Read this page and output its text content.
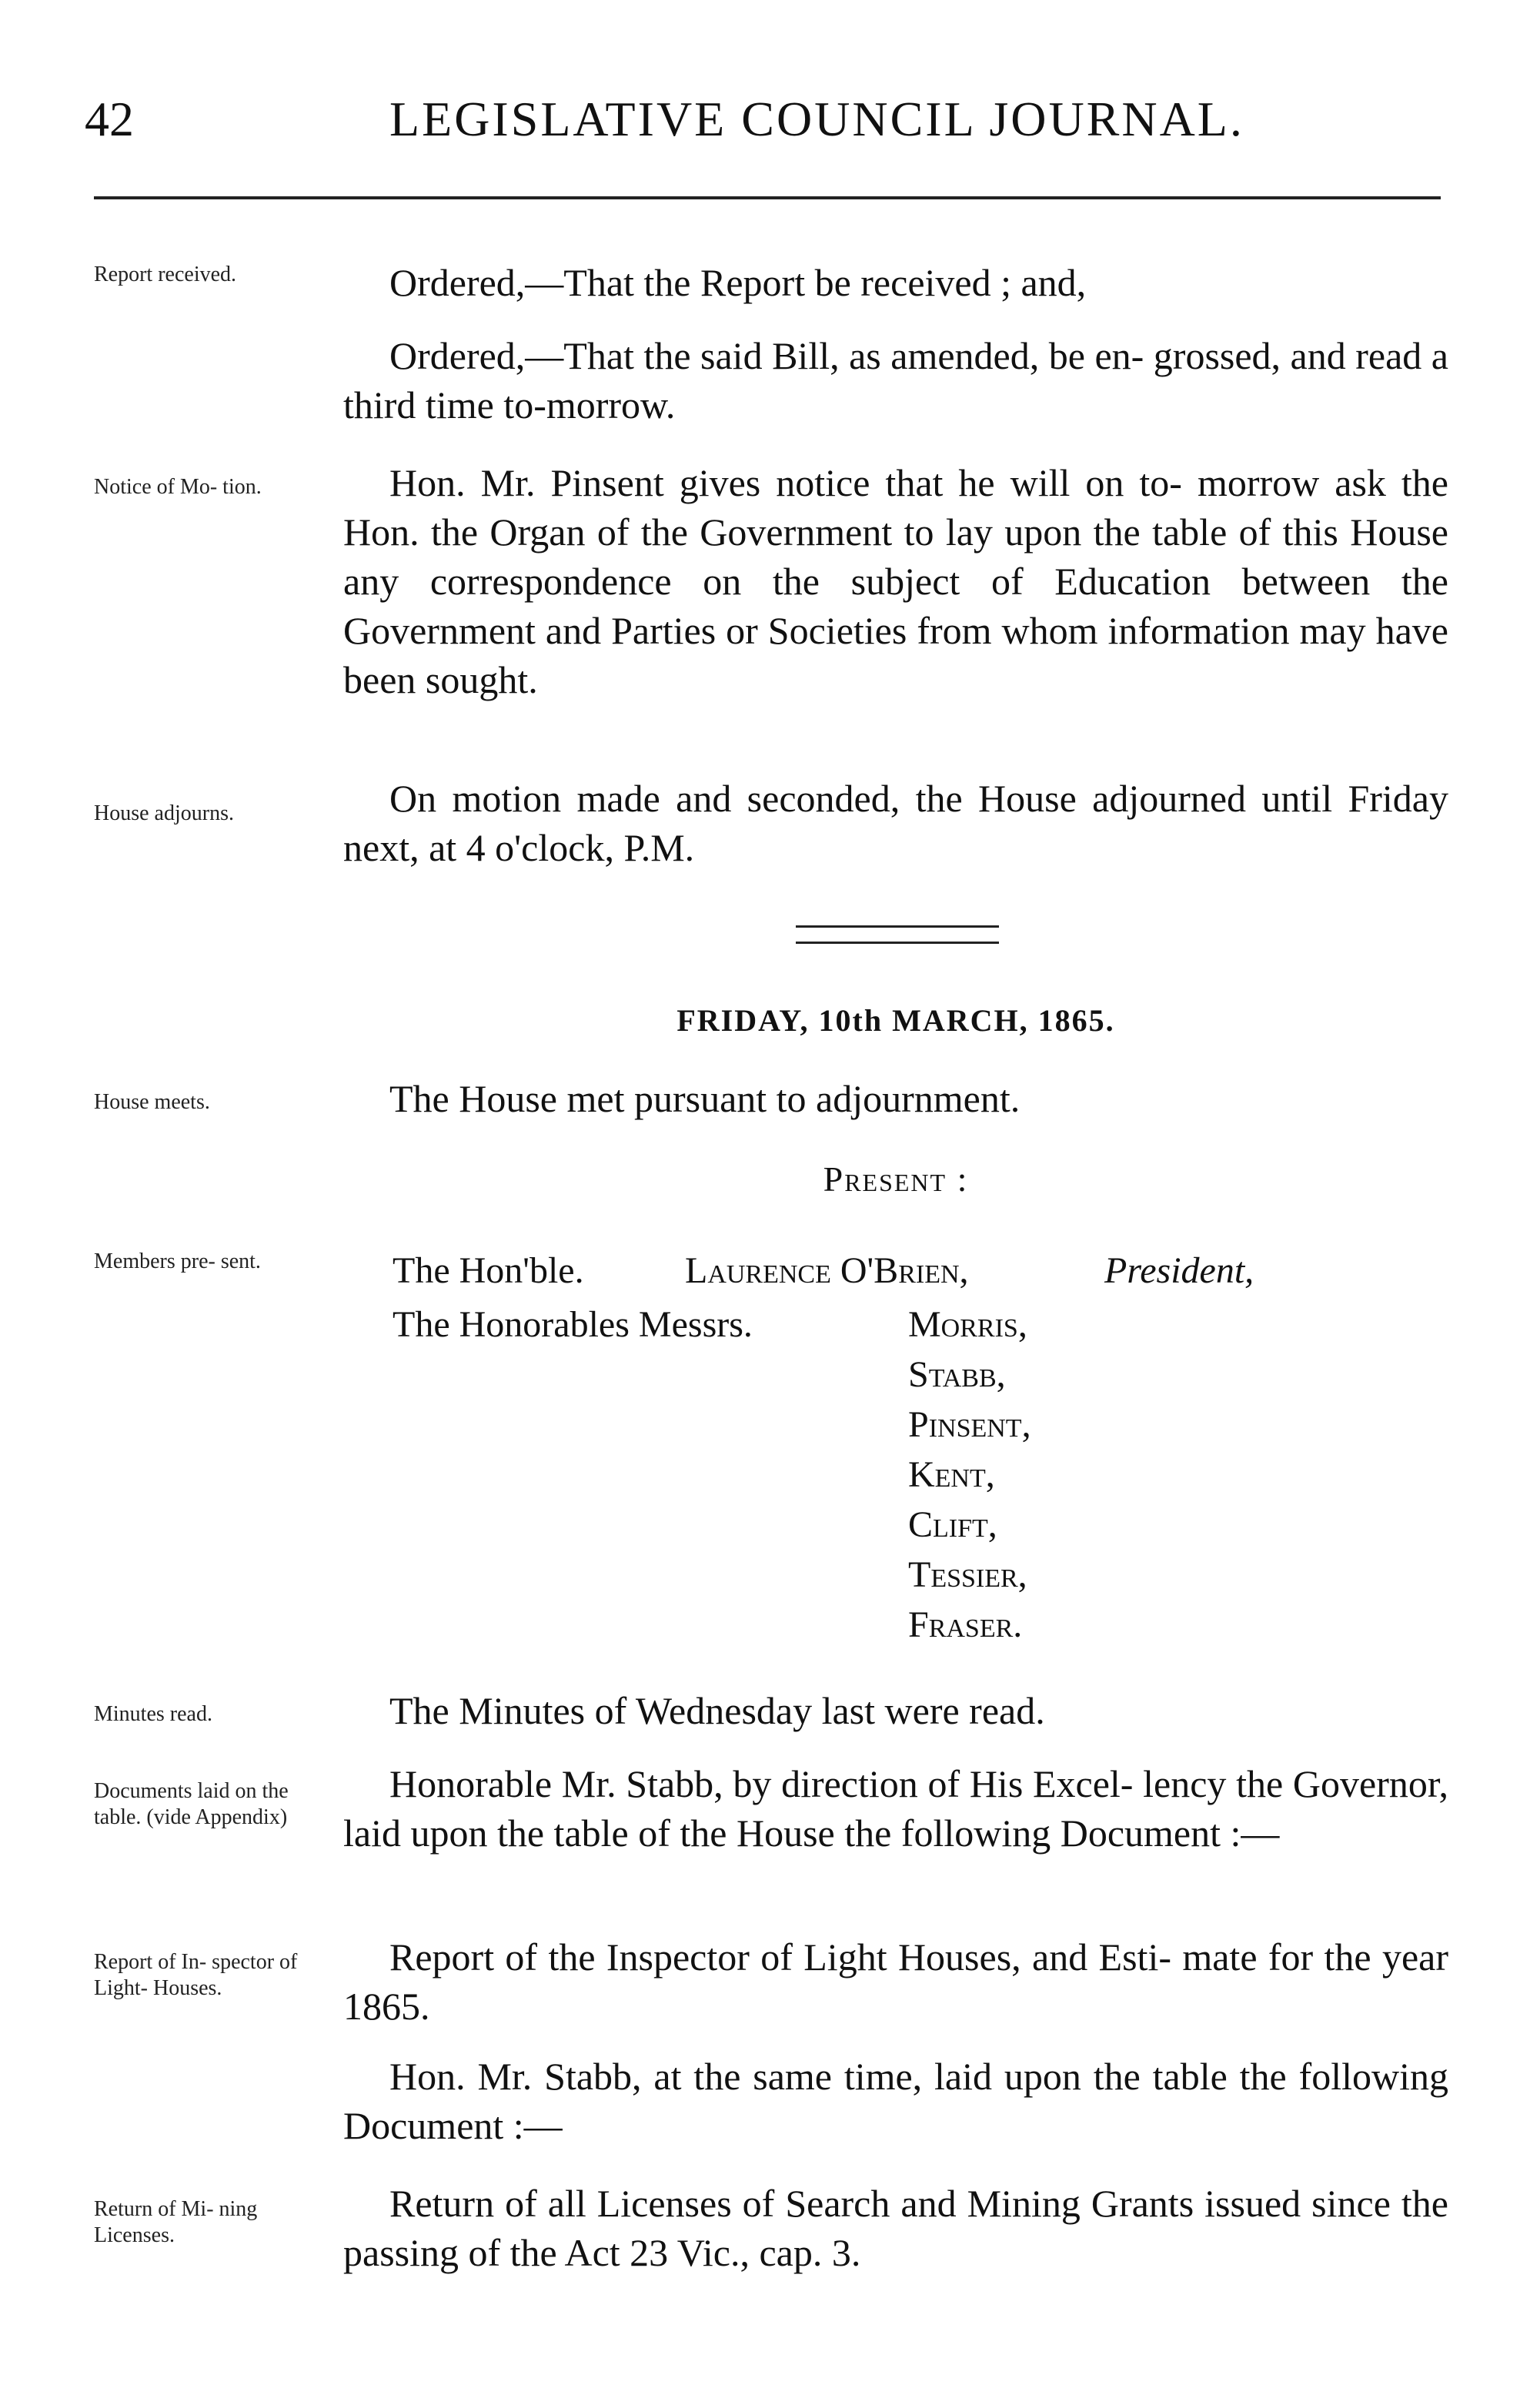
42	LEGISLATIVE COUNCIL JOURNAL.
Report received.
Notice of Mo- tion.
House adjourns.
House meets.
Members pre- sent.
Minutes read.
Documents laid on the table. (vide Appendix)
Report of In- spector of Light- Houses.
Return of Mi- ning Licenses.
Ordered,—That the Report be received ; and,
Ordered,—That the said Bill, as amended, be en- grossed, and read a third time to-morrow.
Hon. Mr. Pinsent gives notice that he will on to- morrow ask the Hon. the Organ of the Government to lay upon the table of this House any correspondence on the subject of Education between the Government and Parties or Societies from whom information may have been sought.
On motion made and seconded, the House adjourned until Friday next, at 4 o'clock, P.M.
FRIDAY, 10th MARCH, 1865.
The House met pursuant to adjournment.
Present :
The Hon'ble.	Laurence O'Brien,	President,
The Honorables Messrs.	Morris,
Stabb,
Pinsent,
Kent,
Clift,
Tessier,
Fraser.
The Minutes of Wednesday last were read.
Honorable Mr. Stabb, by direction of His Excel- lency the Governor, laid upon the table of the House the following Document :—
Report of the Inspector of Light Houses, and Esti- mate for the year 1865.
Hon. Mr. Stabb, at the same time, laid upon the table the following Document :—
Return of all Licenses of Search and Mining Grants issued since the passing of the Act 23 Vic., cap. 3.
